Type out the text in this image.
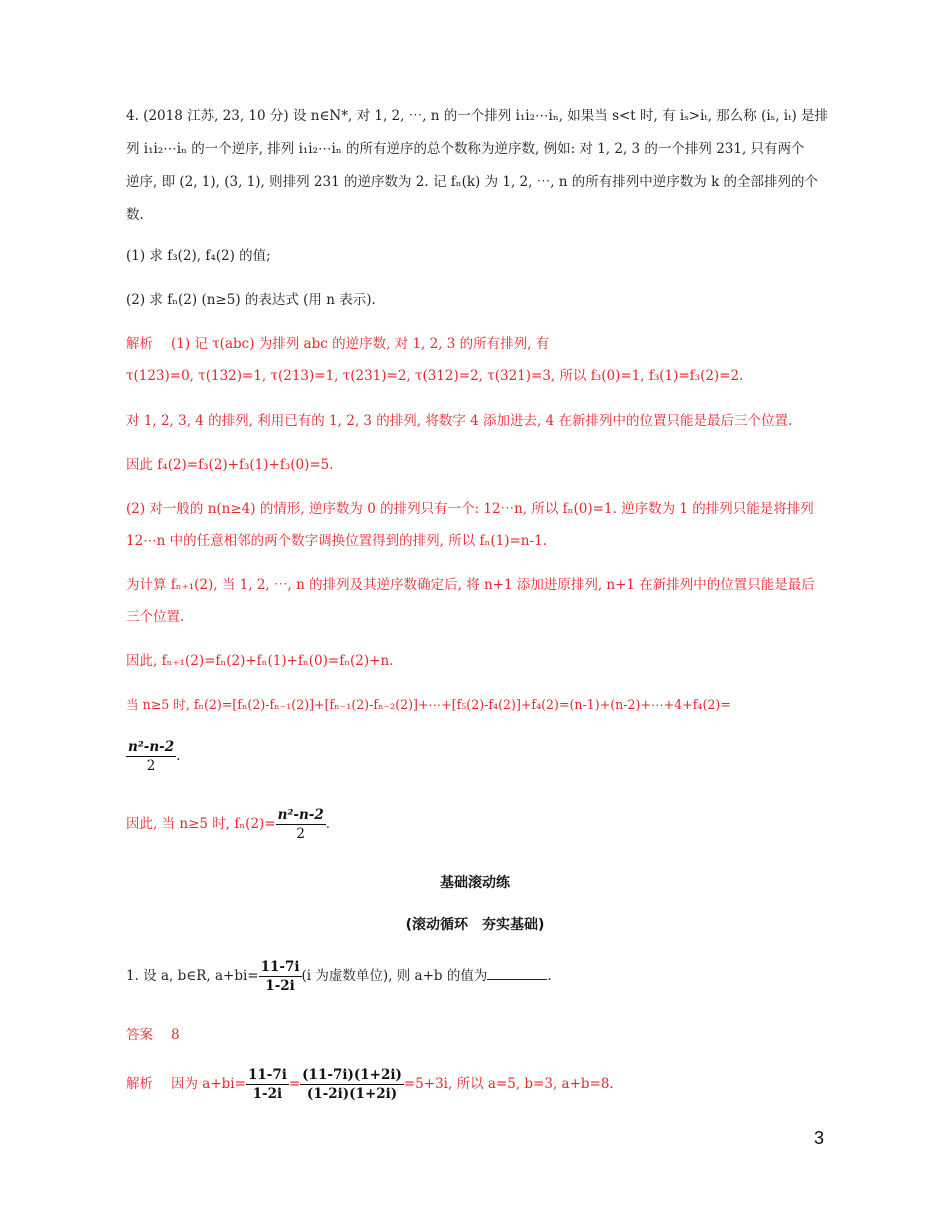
4. (2018 江苏, 23, 10 分) 设 n∈N*, 对 1, 2, ⋯, n 的一个排列 i₁i₂⋯iₙ, 如果当 s<t 时, 有 iₛ>iₜ, 那么称 (iₛ, iₜ) 是排
列 i₁i₂⋯iₙ 的一个逆序, 排列 i₁i₂⋯iₙ 的所有逆序的总个数称为逆序数, 例如: 对 1, 2, 3 的一个排列 231, 只有两个
逆序, 即 (2, 1), (3, 1), 则排列 231 的逆序数为 2. 记 fₙ(k) 为 1, 2, ⋯, n 的所有排列中逆序数为 k 的全部排列的个
数.
(1) 求 f₃(2), f₄(2) 的值;
(2) 求 fₙ(2) (n≥5) 的表达式 (用 n 表示).
解析 (1) 记 τ(abc) 为排列 abc 的逆序数, 对 1, 2, 3 的所有排列, 有
τ(123)=0, τ(132)=1, τ(213)=1, τ(231)=2, τ(312)=2, τ(321)=3, 所以 f₃(0)=1, f₃(1)=f₃(2)=2.
对 1, 2, 3, 4 的排列, 利用已有的 1, 2, 3 的排列, 将数字 4 添加进去, 4 在新排列中的位置只能是最后三个位置.
因此 f₄(2)=f₃(2)+f₃(1)+f₃(0)=5.
(2) 对一般的 n(n≥4) 的情形, 逆序数为 0 的排列只有一个: 12⋯n, 所以 fₙ(0)=1. 逆序数为 1 的排列只能是将排列
12⋯n 中的任意相邻的两个数字调换位置得到的排列, 所以 fₙ(1)=n-1.
为计算 fₙ₊₁(2), 当 1, 2, ⋯, n 的排列及其逆序数确定后, 将 n+1 添加进原排列, n+1 在新排列中的位置只能是最后
三个位置.
因此, fₙ₊₁(2)=fₙ(2)+fₙ(1)+fₙ(0)=fₙ(2)+n.
当 n≥5 时, fₙ(2)=[fₙ(2)-fₙ₋₁(2)]+[fₙ₋₁(2)-fₙ₋₂(2)]+⋯+[f₅(2)-f₄(2)]+f₄(2)=(n-1)+(n-2)+⋯+4+f₄(2)=
$\frac{\text{n²-n-2}}{2}$ .
因此, 当 n≥5 时, $f_n(2)= \frac{\text{n²-n-2}}{2}$ .
基础滚动练
(滚动循环　夯实基础)
1. 设 a, b∈R, $a+bi= \frac{11-7i}{1-2i} (i$ 为虚数单位), 则 a+b 的值为	.
答案 8
解析 因为 $a+bi= \frac{11-7i}{1-2i} = \frac{(11-7i)(1+2i)}{(1-2i)(1+2i)} =5+3i$, 所以 a=5, b=3, a+b=8.
3
